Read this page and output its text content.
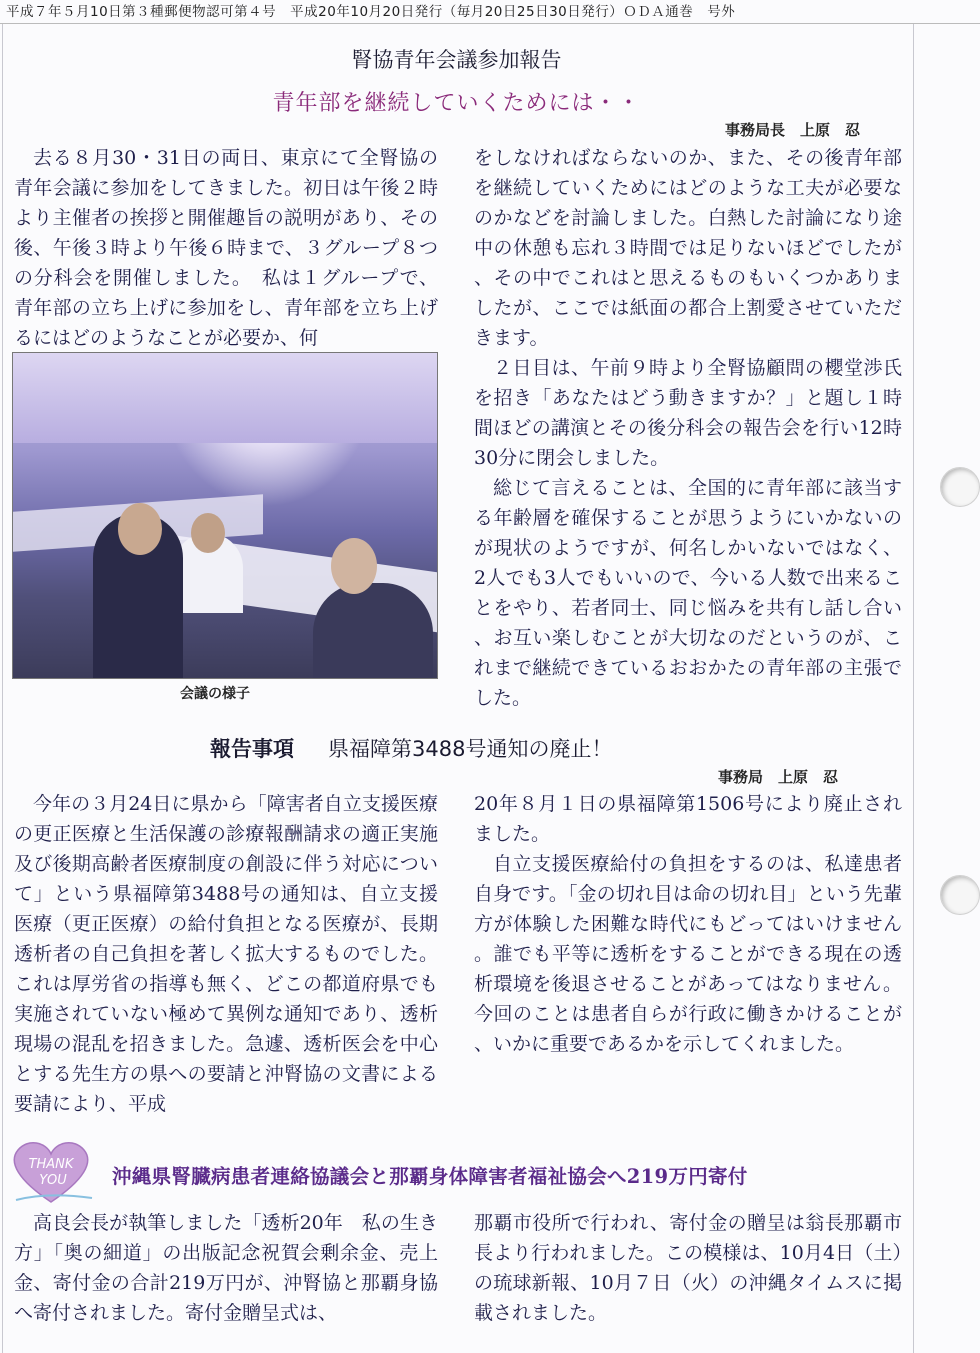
平成７年５月10日第３種郵便物認可第４号　平成20年10月20日発行（毎月20日25日30日発行）ＯＤＡ通巻　号外
腎協青年会議参加報告
青年部を継続していくためには・・
事務局長　上原　忍

去る８月30・31日の両日、東京にて全腎協の青年会議に参加をしてきました。初日は午後２時より主催者の挨拶と開催趣旨の説明があり、その後、午後３時より午後６時まで、３グループ８つの分科会を開催しました。　私は１グループで、青年部の立ち上げに参加をし、青年部を立ち上げるにはどのようなことが必要か、何

会議の様子

をしなければならないのか、また、その後青年部を継続していくためにはどのような工夫が必要なのかなどを討論しました。白熱した討論になり途中の休憩も忘れ３時間では足りないほどでしたが、その中でこれはと思えるものもいくつかありましたが、ここでは紙面の都合上割愛させていただきます。

２日目は、午前９時より全腎協顧問の櫻堂渉氏を招き「あなたはどう動きますか？」と題し１時間ほどの講演とその後分科会の報告会を行い12時30分に閉会しました。

総じて言えることは、全国的に青年部に該当する年齢層を確保することが思うようにいかないのが現状のようですが、何名しかいないではなく、2人でも3人でもいいので、今いる人数で出来ることをやり、若者同士、同じ悩みを共有し話し合い、お互い楽しむことが大切なのだというのが、これまで継続できているおおかたの青年部の主張でした。

報告事項 県福障第3488号通知の廃止！
事務局　上原　忍

今年の３月24日に県から「障害者自立支援医療の更正医療と生活保護の診療報酬請求の適正実施及び後期高齢者医療制度の創設に伴う対応について」という県福障第3488号の通知は、自立支援医療（更正医療）の給付負担となる医療が、長期透析者の自己負担を著しく拡大するものでした。これは厚労省の指導も無く、どこの都道府県でも実施されていない極めて異例な通知であり、透析現場の混乱を招きました。急遽、透析医会を中心とする先生方の県への要請と沖腎協の文書による要請により、平成

20年８月１日の県福障第1506号により廃止されました。

自立支援医療給付の負担をするのは、私達患者自身です。「金の切れ目は命の切れ目」という先輩方が体験した困難な時代にもどってはいけません。誰でも平等に透析をすることができる現在の透析環境を後退させることがあってはなりません。今回のことは患者自らが行政に働きかけることが、いかに重要であるかを示してくれました。

THANK
YOU 沖縄県腎臓病患者連絡協議会と那覇身体障害者福祉協会へ219万円寄付

高良会長が執筆しました「透析20年　私の生き方」「奥の細道」の出版記念祝賀会剰余金、売上金、寄付金の合計219万円が、沖腎協と那覇身協へ寄付されました。寄付金贈呈式は、

那覇市役所で行われ、寄付金の贈呈は翁長那覇市長より行われました。この模様は、10月4日（土）の琉球新報、10月７日（火）の沖縄タイムスに掲載されました。
